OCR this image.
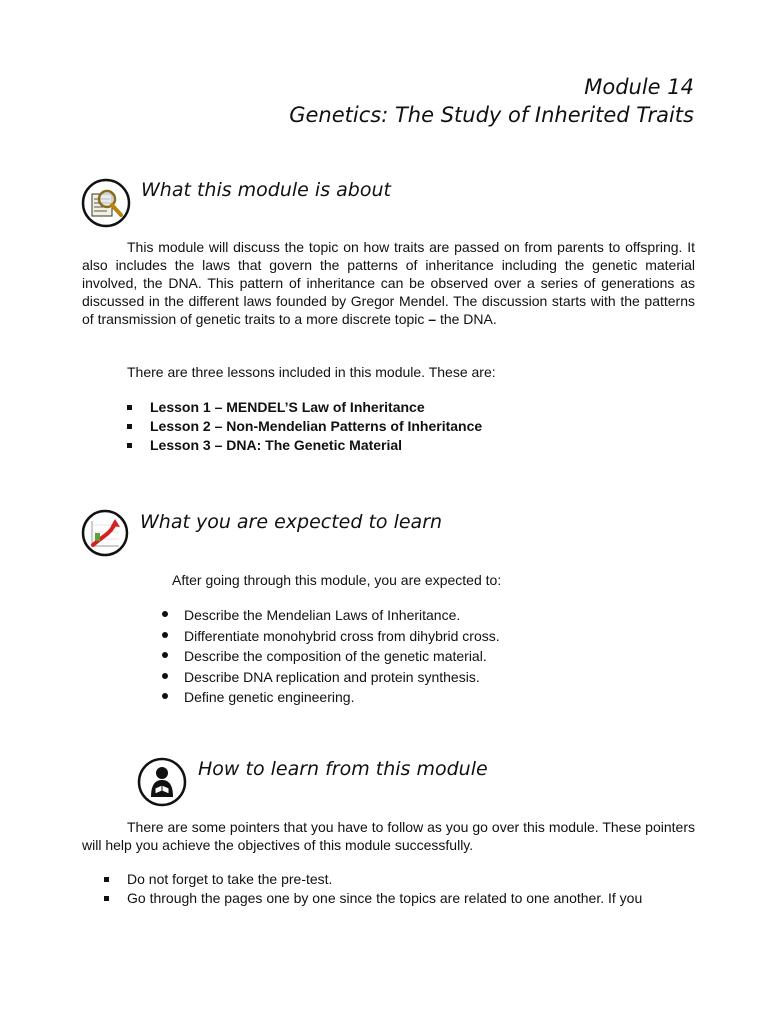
Module 14
Genetics: The Study of Inherited Traits
What this module is about
This module will discuss the topic on how traits are passed on from parents to offspring. It also includes the laws that govern the patterns of inheritance including the genetic material involved, the DNA. This pattern of inheritance can be observed over a series of generations as discussed in the different laws founded by Gregor Mendel. The discussion starts with the patterns of transmission of genetic traits to a more discrete topic – the DNA.
There are three lessons included in this module. These are:
Lesson 1 – MENDEL’S Law of Inheritance
Lesson 2 – Non-Mendelian Patterns of Inheritance
Lesson 3 – DNA: The Genetic Material
What you are expected to learn
After going through this module, you are expected to:
Describe the Mendelian Laws of Inheritance.
Differentiate monohybrid cross from dihybrid cross.
Describe the composition of the genetic material.
Describe DNA replication and protein synthesis.
Define genetic engineering.
How to learn from this module
There are some pointers that you have to follow as you go over this module. These pointers will help you achieve the objectives of this module successfully.
Do not forget to take the pre-test.
Go through the pages one by one since the topics are related to one another. If you
